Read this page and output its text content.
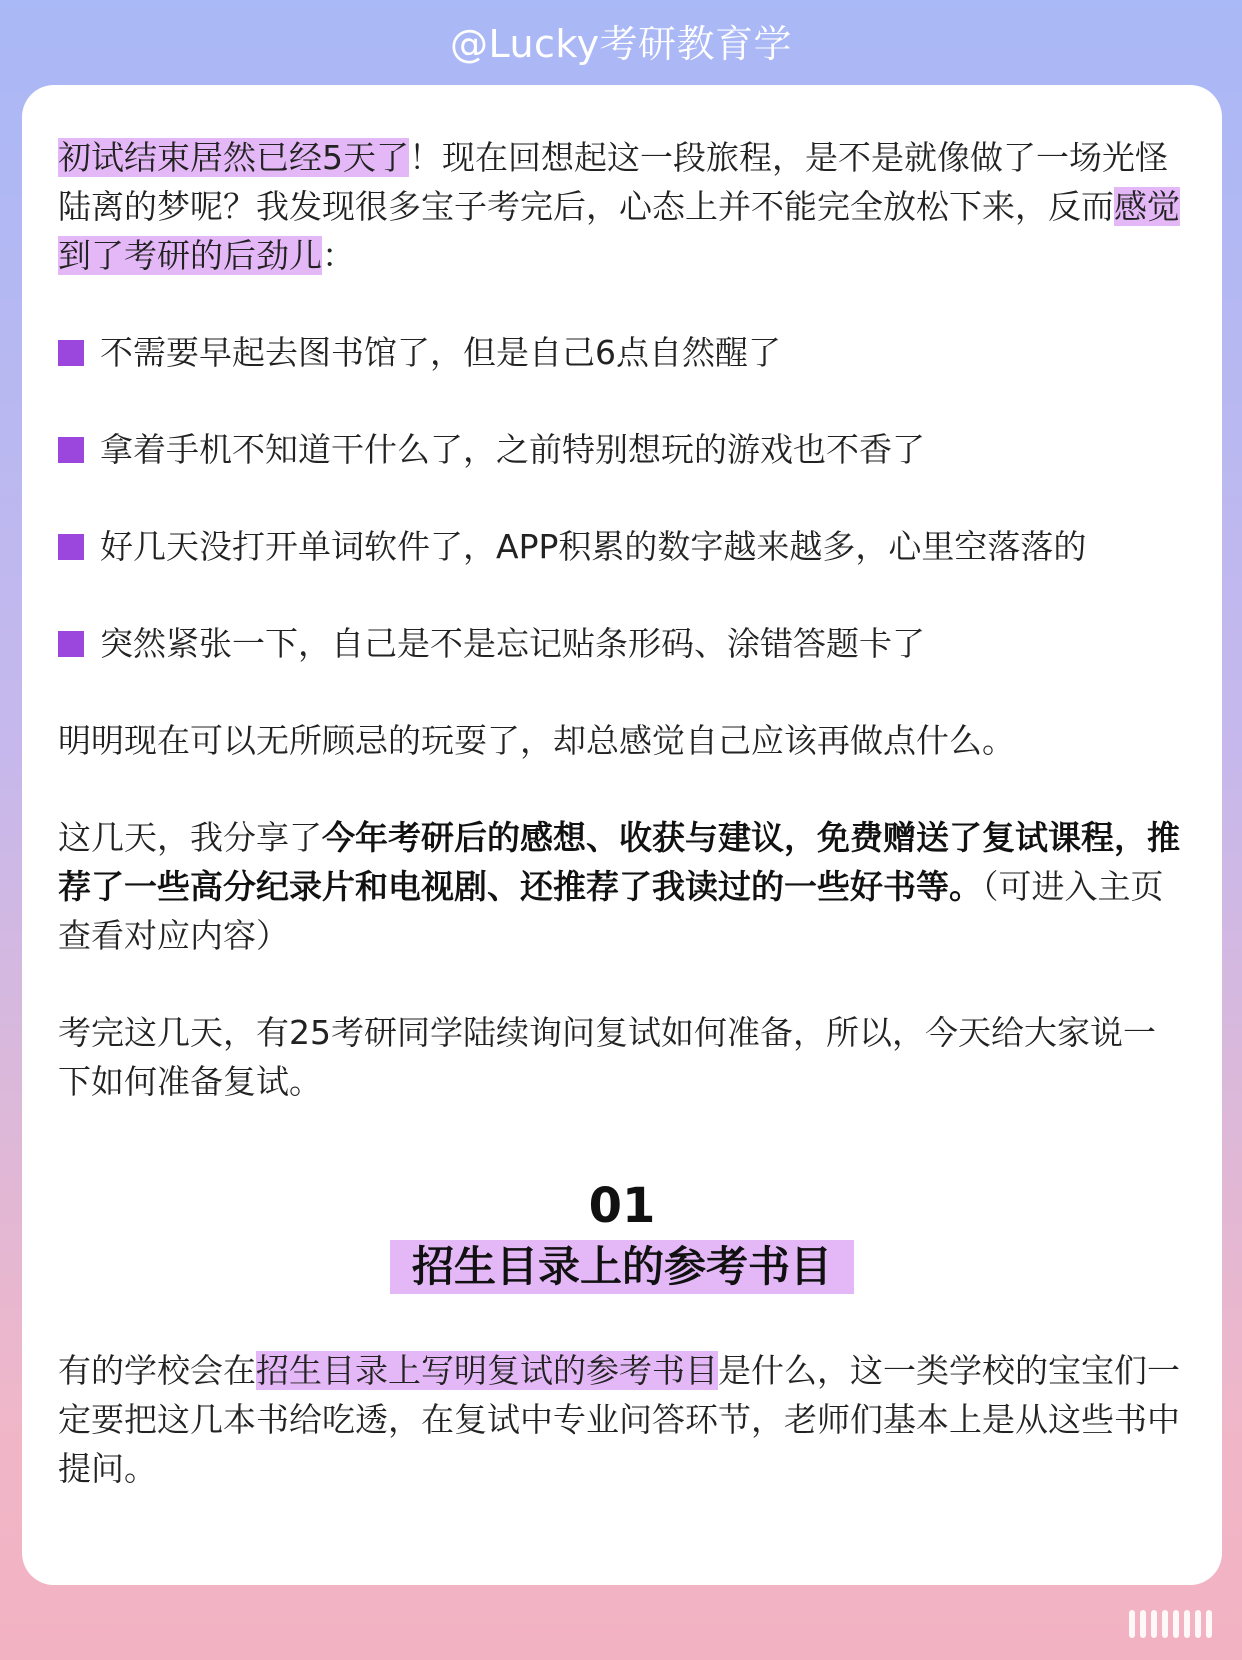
@Lucky考研教育学

初试结束居然已经5天了！现在回想起这一段旅程，是不是就像做了一场光怪陆离的梦呢？我发现很多宝子考完后，心态上并不能完全放松下来，反而感觉到了考研的后劲儿：

不需要早起去图书馆了，但是自己6点自然醒了
拿着手机不知道干什么了，之前特别想玩的游戏也不香了
好几天没打开单词软件了，APP积累的数字越来越多，心里空落落的
突然紧张一下，自己是不是忘记贴条形码、涂错答题卡了

明明现在可以无所顾忌的玩耍了，却总感觉自己应该再做点什么。

这几天，我分享了今年考研后的感想、收获与建议，免费赠送了复试课程，推荐了一些高分纪录片和电视剧、还推荐了我读过的一些好书等。（可进入主页查看对应内容）

考完这几天，有25考研同学陆续询问复试如何准备，所以，今天给大家说一下如何准备复试。

01
招生目录上的参考书目

有的学校会在招生目录上写明复试的参考书目是什么，这一类学校的宝宝们一定要把这几本书给吃透，在复试中专业问答环节，老师们基本上是从这些书中提问。
